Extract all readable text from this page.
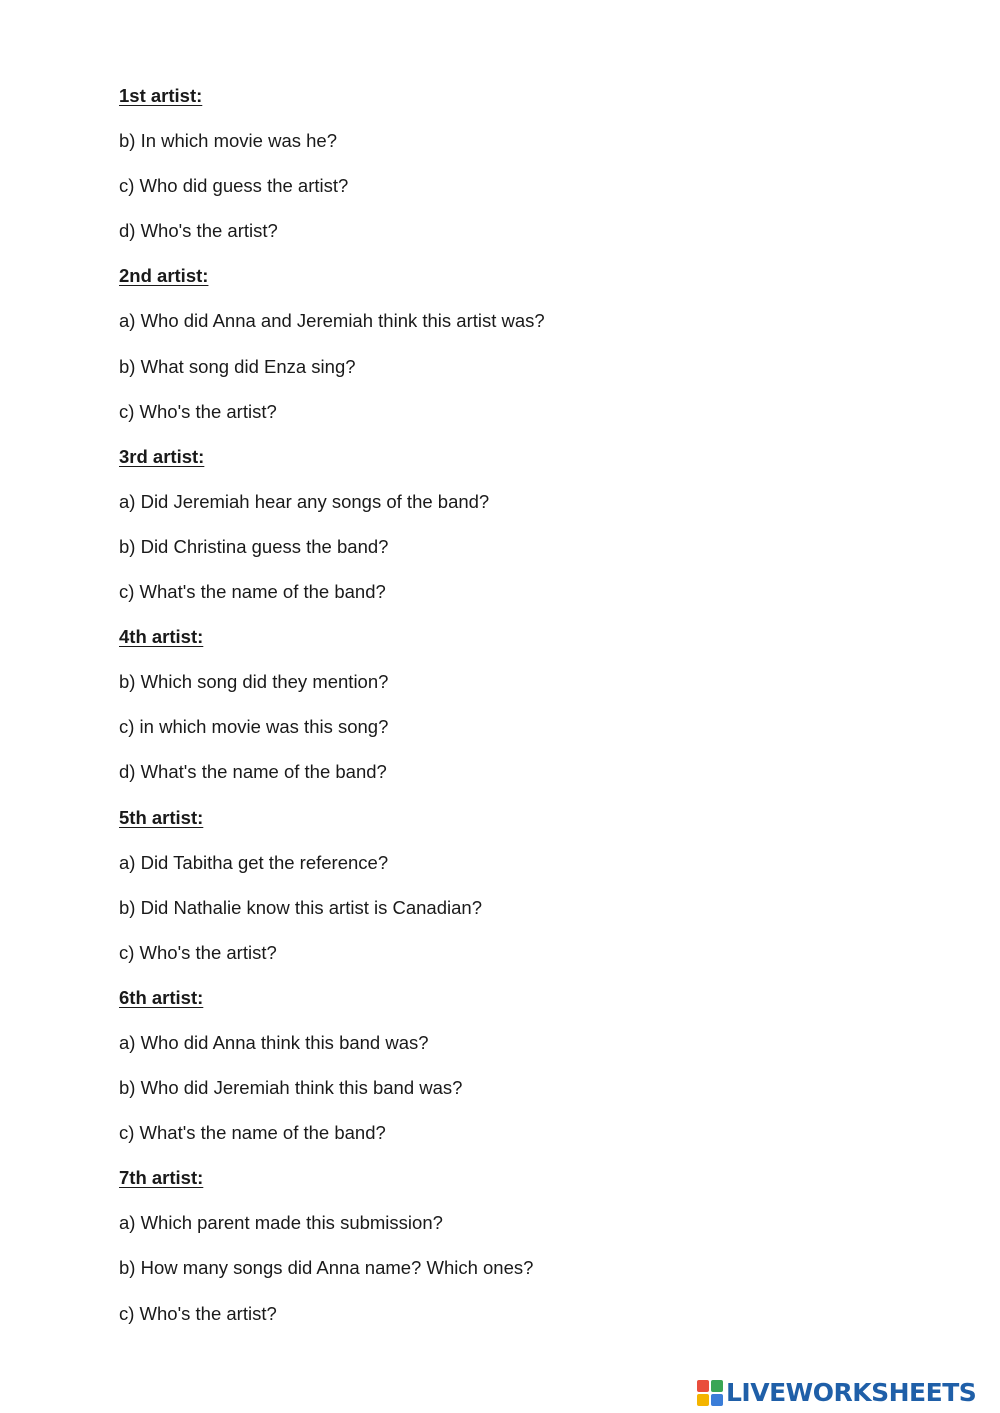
1st artist:
b) In which movie was he?
c) Who did guess the artist?
d) Who's the artist?
2nd artist:
a) Who did Anna and Jeremiah think this artist was?
b) What song did Enza sing?
c) Who's the artist?
3rd artist:
a) Did Jeremiah hear any songs of the band?
b) Did Christina guess the band?
c) What's the name of the band?
4th artist:
b) Which song did they mention?
c) in which movie was this song?
d) What's the name of the band?
5th artist:
a) Did Tabitha get the reference?
b) Did Nathalie know this artist is Canadian?
c) Who's the artist?
6th artist:
a) Who did Anna think this band was?
b) Who did Jeremiah think this band was?
c) What's the name of the band?
7th artist:
a) Which parent made this submission?
b) How many songs did Anna name? Which ones?
c) Who's the artist?
LIVEWORKSHEETS
